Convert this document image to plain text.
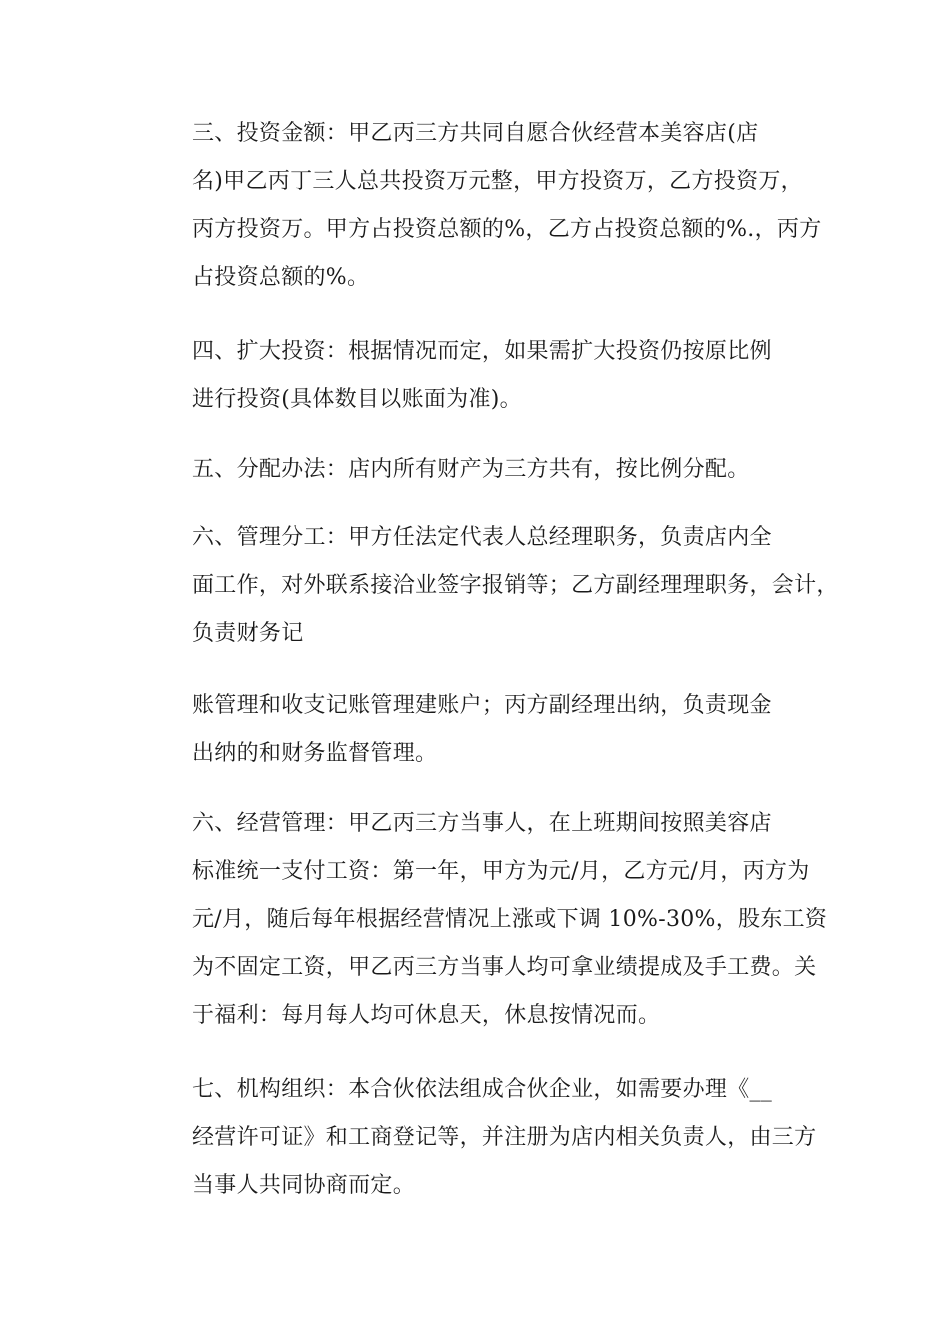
三、投资金额：甲乙丙三方共同自愿合伙经营本美容店(店
名)甲乙丙丁三人总共投资万元整，甲方投资万，乙方投资万，
丙方投资万。甲方占投资总额的%，乙方占投资总额的%.，丙方
占投资总额的%。
四、扩大投资：根据情况而定，如果需扩大投资仍按原比例
进行投资(具体数目以账面为准)。
五、分配办法：店内所有财产为三方共有，按比例分配。
六、管理分工：甲方任法定代表人总经理职务，负责店内全
面工作，对外联系接洽业签字报销等；乙方副经理理职务，会计，
负责财务记
账管理和收支记账管理建账户；丙方副经理出纳，负责现金
出纳的和财务监督管理。
六、经营管理：甲乙丙三方当事人，在上班期间按照美容店
标准统一支付工资：第一年，甲方为元/月，乙方元/月，丙方为
元/月，随后每年根据经营情况上涨或下调 10%-30%，股东工资
为不固定工资，甲乙丙三方当事人均可拿业绩提成及手工费。关
于福利：每月每人均可休息天，休息按情况而。
七、机构组织：本合伙依法组成合伙企业，如需要办理《__
经营许可证》和工商登记等，并注册为店内相关负责人，由三方
当事人共同协商而定。
